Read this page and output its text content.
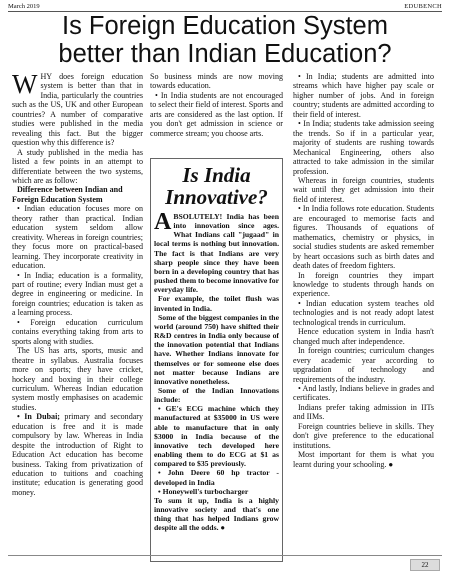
March 2019	EDUBENCH
Is Foreign Education System
better than Indian Education?

WHY does foreign education system is better than that in India, particularly the countries such as the US, UK and other European countries? A number of comparative studies were published in the media revealing this fact. But the bigger question why this difference is?

A study published in the media has listed a few points in an attempt to differentiate between the two systems, which are as follow:

Difference between Indian and Foreign Education System

• Indian education focuses more on theory rather than practical. Indian education system seldom allow creativity. Whereas in foreign countries; they focus more on practical-based learning. They incorporate creativity in education.

• In India; education is a formality, part of routine; every Indian must get a degree in engineering or medicine. In foreign countries; education is taken as a learning process.

• Foreign education curriculum contains everything taking from arts to sports along with studies.

The US has arts, sports, music and theatre in syllabus. Australia focuses more on sports; they have cricket, hockey and boxing in their college curriculum. Whereas Indian education system mostly emphasises on academic studies.

• In Dubai; primary and secondary education is free and it is made compulsory by law. Whereas in India despite the introduction of Right to Education Act education has become business. Taking from privatization of education to tuitions and coaching institute; education is generating good money.

So business minds are now moving towards education.

• In India students are not encouraged to select their field of interest. Sports and arts are considered as the last option. If you don't get admission in science or commerce stream; you choose arts.

Is India
Innovative?

ABSOLUTELY! India has been into innovation since ages. What Indians call "jugaad" in local terms is nothing but innovation. The fact is that Indians are very sharp people since they have been born in a developing country that has pushed them to become innovative for everyday life.

For example, the toilet flush was invented in India.

Some of the biggest companies in the world (around 750) have shifted their R&D centres in India only because of the innovation potential that Indians have. Whether Indians innovate for themselves or for someone else does not matter because Indians are innovative nonetheless.

Some of the Indian Innovations include:

• GE's ECG machine which they manufactured at $35000 in US were able to manufacture that in only $3000 in India because of the innovative tech developed here enabling them to do ECG at $1 as compared to $35 previously.

• John Deere 60 hp tractor - developed in India

• Honeywell's turbocharger

To sum it up, India is a highly innovative society and that's one thing that has helped Indians grow despite all the odds. ●

• In India; students are admitted into streams which have higher pay scale or higher number of jobs. And in foreign country; students are admitted according to their field of interest.

• In India; students take admission seeing the trends. So if in a particular year, majority of students are rushing towards Mechanical Engineering, others also attracted to take admission in the similar profession.

Whereas in foreign countries, students wait until they get admission into their field of interest.

• In India follows rote education. Students are encouraged to memorise facts and figures. Thousands of equations of mathematics, chemistry or physics, in social studies students are asked remember by heart occasions such as birth dates and death dates of freedom fighters.

In foreign countries they impart knowledge to students through hands on experience.

• Indian education system teaches old technologies and is not ready adopt latest technological trends in curriculum.

Hence education system in India hasn't changed much after independence.

In foreign countries; curriculum changes every academic year according to upgradation of technology and requirements of the industry.

• And lastly, Indians believe in grades and certificates.

Indians prefer taking admission in IITs and IIMs.

Foreign countries believe in skills. They don't give preference to the educational institutions.

Most important for them is what you learnt during your schooling. ●

22
